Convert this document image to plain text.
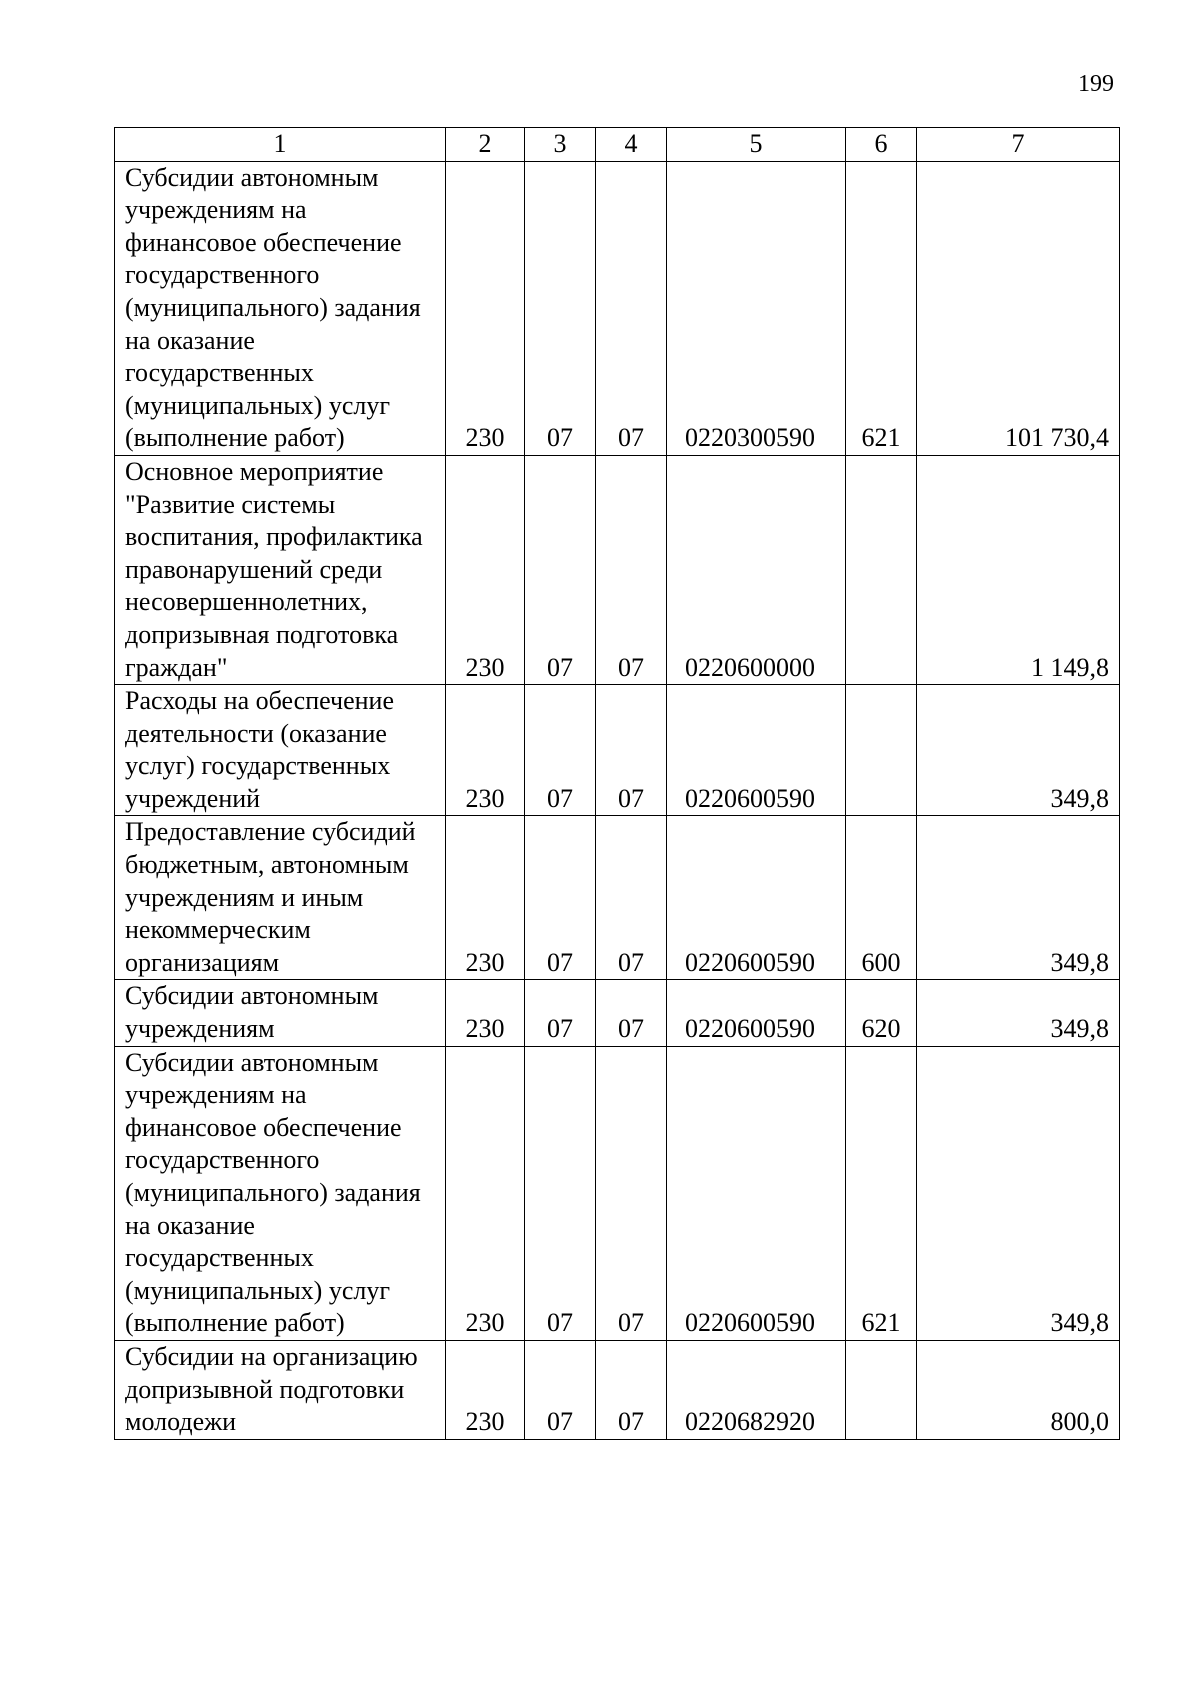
199
1	2	3	4	5	6	7
Субсидии автономным учреждениям на финансовое обеспечение государственного (муниципального) задания на оказание государственных (муниципальных) услуг (выполнение работ)	230	07	07	0220300590	621	101 730,4
Основное мероприятие "Развитие системы воспитания, профилактика правонарушений среди несовершеннолетних, допризывная подготовка граждан"	230	07	07	0220600000		1 149,8
Расходы на обеспечение деятельности (оказание услуг) государственных учреждений	230	07	07	0220600590		349,8
Предоставление субсидий бюджетным, автономным учреждениям и иным некоммерческим организациям	230	07	07	0220600590	600	349,8
Субсидии автономным учреждениям	230	07	07	0220600590	620	349,8
Субсидии автономным учреждениям на финансовое обеспечение государственного (муниципального) задания на оказание государственных (муниципальных) услуг (выполнение работ)	230	07	07	0220600590	621	349,8
Субсидии на организацию допризывной подготовки молодежи	230	07	07	0220682920		800,0
